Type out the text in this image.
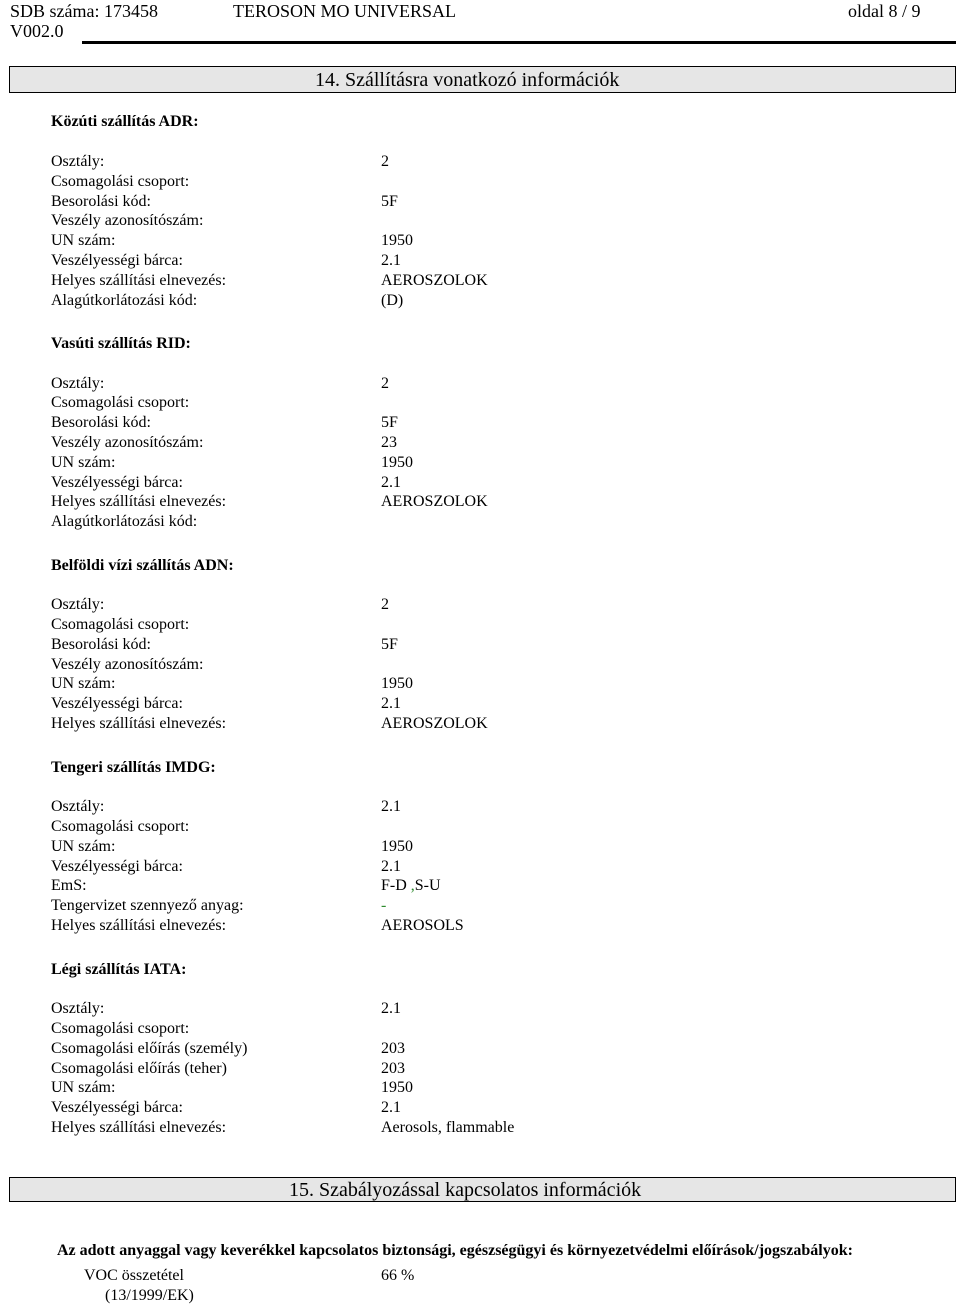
SDB száma: 173458
V002.0
TEROSON MO UNIVERSAL	oldal 8 / 9
14. Szállításra vonatkozó információk
Közúti szállítás ADR:
Osztály:	2
Csomagolási csoport:
Besorolási kód:	5F
Veszély azonosítószám:
UN szám:	1950
Veszélyességi bárca:	2.1
Helyes szállítási elnevezés:	AEROSZOLOK
Alagútkorlátozási kód:	(D)
Vasúti szállítás RID:
Osztály:	2
Csomagolási csoport:
Besorolási kód:	5F
Veszély azonosítószám:	23
UN szám:	1950
Veszélyességi bárca:	2.1
Helyes szállítási elnevezés:	AEROSZOLOK
Alagútkorlátozási kód:
Belföldi vízi szállítás ADN:
Osztály:	2
Csomagolási csoport:
Besorolási kód:	5F
Veszély azonosítószám:
UN szám:	1950
Veszélyességi bárca:	2.1
Helyes szállítási elnevezés:	AEROSZOLOK
Tengeri szállítás IMDG:
Osztály:	2.1
Csomagolási csoport:
UN szám:	1950
Veszélyességi bárca:	2.1
EmS:	F-D ,S-U
Tengervizet szennyező anyag:	-
Helyes szállítási elnevezés:	AEROSOLS
Légi szállítás IATA:
Osztály:	2.1
Csomagolási csoport:
Csomagolási előírás (személy)	203
Csomagolási előírás (teher)	203
UN szám:	1950
Veszélyességi bárca:	2.1
Helyes szállítási elnevezés:	Aerosols, flammable
15. Szabályozással kapcsolatos információk
Az adott anyaggal vagy keverékkel kapcsolatos biztonsági, egészségügyi és környezetvédelmi előírások/jogszabályok:
VOC összetétel	66 %
(13/1999/EK)
